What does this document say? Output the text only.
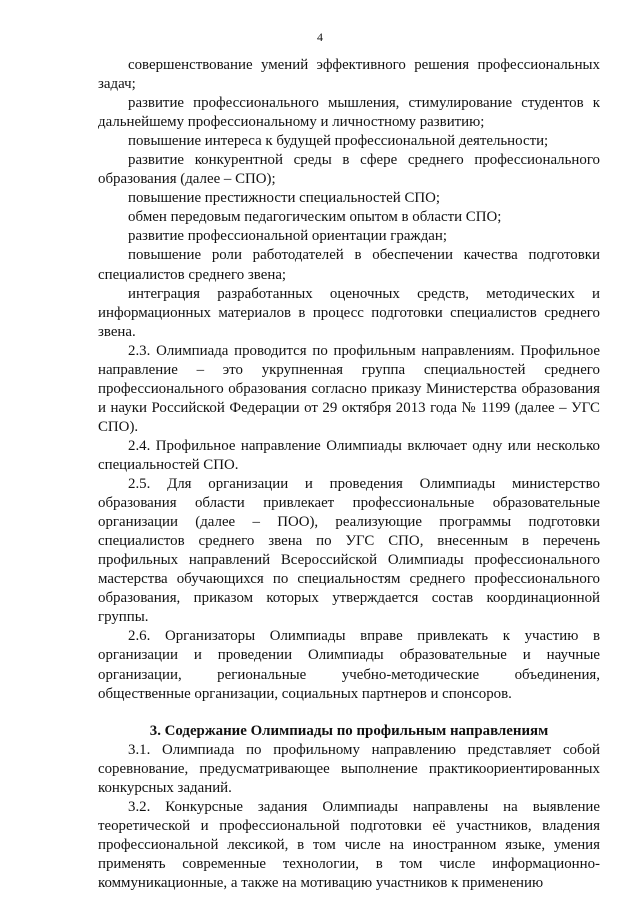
4

совершенствование умений эффективного решения профессиональных задач;

развитие профессионального мышления, стимулирование студентов к дальнейшему профессиональному и личностному развитию;

повышение интереса к будущей профессиональной деятельности;

развитие конкурентной среды в сфере среднего профессионального образования (далее – СПО);

повышение престижности специальностей СПО;

обмен передовым педагогическим опытом в области СПО;

развитие профессиональной ориентации граждан;

повышение роли работодателей в обеспечении качества подготовки специалистов среднего звена;

интеграция разработанных оценочных средств, методических и информационных материалов в процесс подготовки специалистов среднего звена.

2.3. Олимпиада проводится по профильным направлениям. Профильное направление – это укрупненная группа специальностей среднего профессионального образования согласно приказу Министерства образования и науки Российской Федерации от 29 октября 2013 года № 1199 (далее – УГС СПО).

2.4. Профильное направление Олимпиады включает одну или несколько специальностей СПО.

2.5. Для организации и проведения Олимпиады министерство образования области привлекает профессиональные образовательные организации (далее – ПОО), реализующие программы подготовки специалистов среднего звена по УГС СПО, внесенным в перечень профильных направлений Всероссийской Олимпиады профессионального мастерства обучающихся по специальностям среднего профессионального образования, приказом которых утверждается состав координационной группы.

2.6. Организаторы Олимпиады вправе привлекать к участию в организации и проведении Олимпиады образовательные и научные организации, региональные учебно-методические объединения, общественные организации, социальных партнеров и спонсоров.

3. Содержание Олимпиады по профильным направлениям

3.1. Олимпиада по профильному направлению представляет собой соревнование, предусматривающее выполнение практикоориентированных конкурсных заданий.

3.2. Конкурсные задания Олимпиады направлены на выявление теоретической и профессиональной подготовки её участников, владения профессиональной лексикой, в том числе на иностранном языке, умения применять современные технологии, в том числе информационно-коммуникационные, а также на мотивацию участников к применению
